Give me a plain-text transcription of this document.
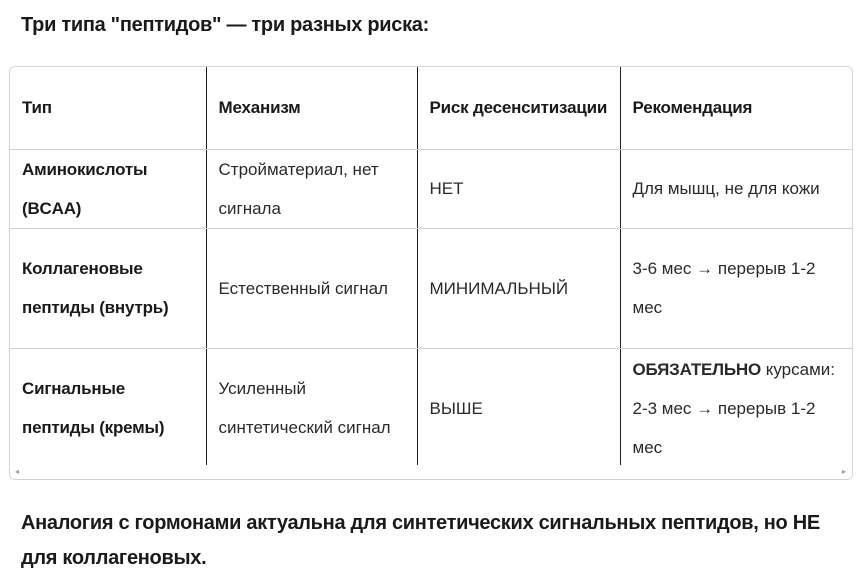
Три типа "пептидов" — три разных риска:
Тип	Механизм	Риск десенситизации	Рекомендация
Аминокислоты (BCAA)	Стройматериал, нет сигнала	НЕТ	Для мышц, не для кожи
Коллагеновые пептиды (внутрь)	Естественный сигнал	МИНИМАЛЬНЫЙ	3-6 мес → перерыв 1-2 мес
Сигнальные пептиды (кремы)	Усиленный синтетический сигнал	ВЫШЕ	ОБЯЗАТЕЛЬНО курсами: 2-3 мес → перерыв 1-2 мес
◂	▸

Аналогия с гормонами актуальна для синтетических сигнальных пептидов, но НЕ для коллагеновых.
